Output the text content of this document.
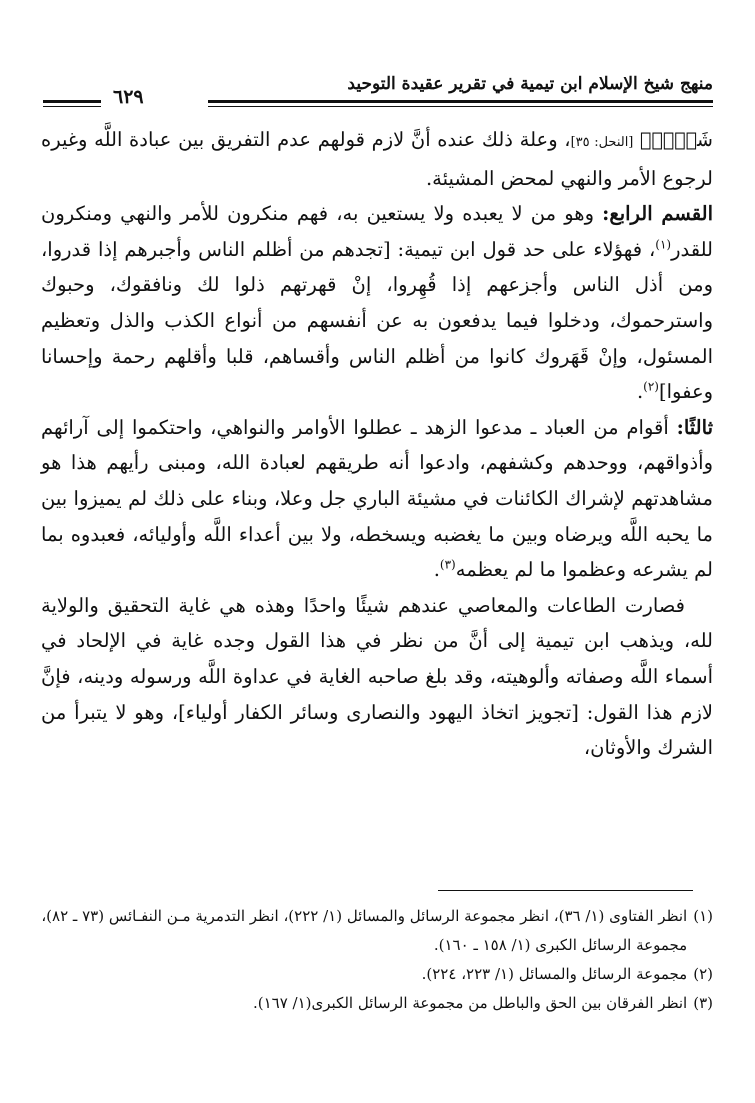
منهج شيخ الإسلام ابن تيمية في تقرير عقيدة التوحيد
٦٢٩

شَيۡءٖ﴾ [النحل: ٣٥]، وعلة ذلك عنده أنَّ لازم قولهم عدم التفريق بين عبادة اللَّه وغيره لرجوع الأمر والنهي لمحض المشيئة.

القسم الرابع: وهو من لا يعبده ولا يستعين به، فهم منكرون للأمر والنهي ومنكرون للقدر$^{(١)}$، فهؤلاء على حد قول ابن تيمية: [تجدهم من أظلم الناس وأجبرهم إذا قدروا، ومن أذل الناس وأجزعهم إذا قُهِروا، إنْ قهرتهم ذلوا لك ونافقوك، وحبوك واسترحموك، ودخلوا فيما يدفعون به عن أنفسهم من أنواع الكذب والذل وتعظيم المسئول، وإنْ قَهَروك كانوا من أظلم الناس وأقساهم، قلبا وأقلهم رحمة وإحسانا وعفوا]$^{(٢)}$.

ثالثًا: أقوام من العباد ـ مدعوا الزهد ـ عطلوا الأوامر والنواهي، واحتكموا إلى آرائهم وأذواقهم، ووحدهم وكشفهم، وادعوا أنه طريقهم لعبادة الله، ومبنى رأيهم هذا هو مشاهدتهم لإشراك الكائنات في مشيئة الباري جل وعلا، وبناء على ذلك لم يميزوا بين ما يحبه اللَّه ويرضاه وبين ما يغضبه ويسخطه، ولا بين أعداء اللَّه وأوليائه، فعبدوه بما لم يشرعه وعظموا ما لم يعظمه$^{(٣)}$.

فصارت الطاعات والمعاصي عندهم شيئًا واحدًا وهذه هي غاية التحقيق والولاية لله، ويذهب ابن تيمية إلى أنَّ من نظر في هذا القول وجده غاية في الإلحاد في أسماء اللَّه وصفاته وألوهيته، وقد بلغ صاحبه الغاية في عداوة اللَّه ورسوله ودينه، فإنَّ لازم هذا القول: [تجويز اتخاذ اليهود والنصارى وسائر الكفار أولياء]، وهو لا يتبرأ من الشرك والأوثان،

(١)
انظر الفتاوى (١/ ٣٦)، انظر مجموعة الرسائل والمسائل (١/ ٢٢٢)، انظر التدمرية مـن النفـائس (٧٣ ـ ٨٢)، مجموعة الرسائل الكبرى (١/ ١٥٨ ـ ١٦٠).
(٢)
مجموعة الرسائل والمسائل (١/ ٢٢٣، ٢٢٤).
(٣)
انظر الفرقان بين الحق والباطل من مجموعة الرسائل الكبرى(١/ ١٦٧).
